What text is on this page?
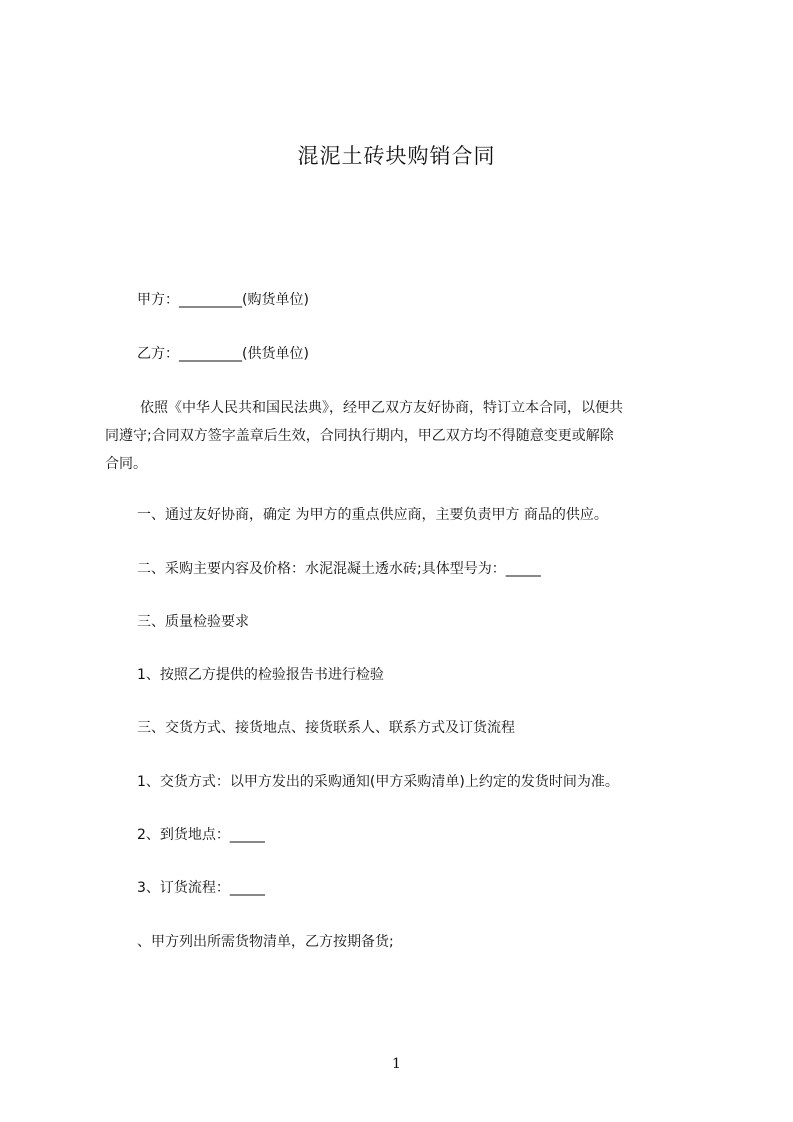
混泥土砖块购销合同
甲方：_________(购货单位)
乙方：_________(供货单位)
依照《中华人民共和国民法典》，经甲乙双方友好协商，特订立本合同，以便共
同遵守;合同双方签字盖章后生效，合同执行期内，甲乙双方均不得随意变更或解除
合同。
一、通过友好协商，确定 为甲方的重点供应商，主要负责甲方 商品的供应。
二、采购主要内容及价格：水泥混凝土透水砖;具体型号为：_____
三、质量检验要求
1、按照乙方提供的检验报告书进行检验
三、交货方式、接货地点、接货联系人、联系方式及订货流程
1、交货方式：以甲方发出的采购通知(甲方采购清单)上约定的发货时间为准。
2、到货地点：_____
3、订货流程：_____
、甲方列出所需货物清单，乙方按期备货;
1
